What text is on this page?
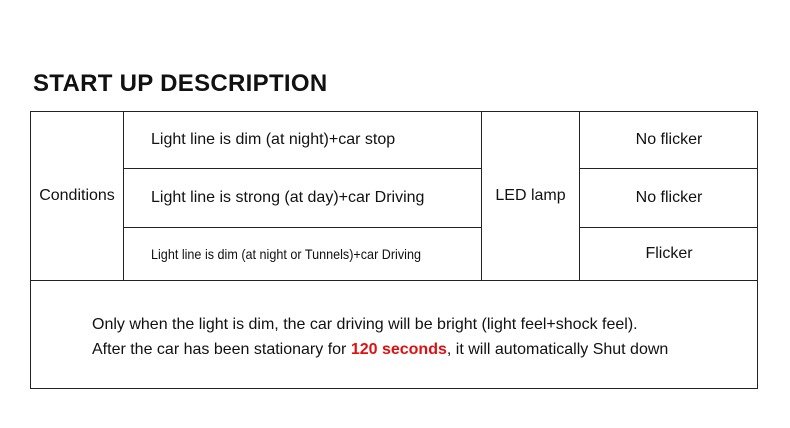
START UP DESCRIPTION
Conditions
Light line is dim (at night)+car stop
Light line is strong (at day)+car Driving
Light line is dim (at night or Tunnels)+car Driving
LED lamp
No flicker
No flicker
Flicker
Only when the light is dim, the car driving will be bright (light feel+shock feel).
After the car has been stationary for 120 seconds, it will automatically Shut down
